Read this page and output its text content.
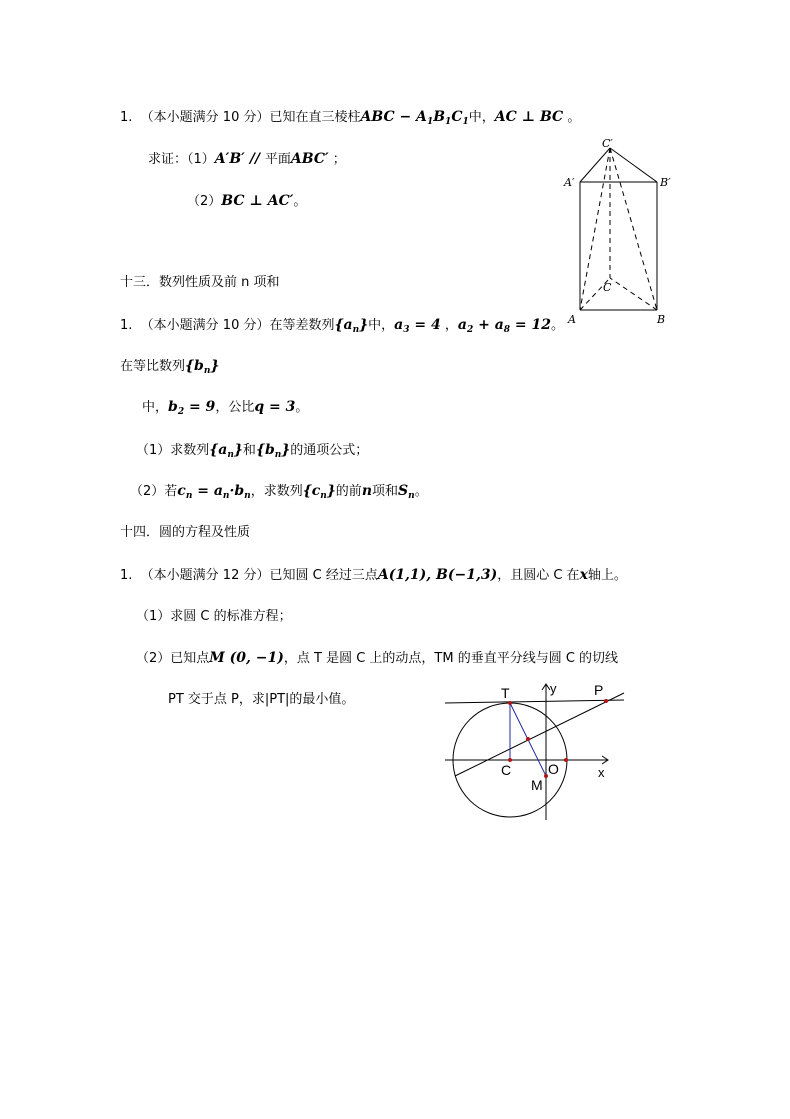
1. （本小题满分 10 分）已知在直三棱柱ABC − $A_1B_1C_1$中，AC ⊥ BC 。
求证：（1）A′B′ // 平面ABC′ ；
（2）BC ⊥ AC′。
C′
A′	B′
A	B
C
十三．数列性质及前 n 项和
1. （本小题满分 10 分）在等差数列$\{a_n\}$中，$a_3 = 4$ ，$a_2 + a_8 = 12$。
在等比数列$\{b_n\}$
中，$b_2 = 9$，公比q = 3。
（1）求数列$\{a_n\}$和$\{b_n\}$的通项公式；
（2）若$c_n = a_n\cdot b_n$，求数列$\{c_n\}$的前n项和$S_n$。
十四．圆的方程及性质
1. （本小题满分 12 分）已知圆 C 经过三点A(1,1), B(−1,3)，且圆心 C 在x轴上。
（1）求圆 C 的标准方程；
（2）已知点M (0, −1)，点 T 是圆 C 上的动点，TM 的垂直平分线与圆 C 的切线
PT 交于点 P，求|PT|的最小值。	T	y	P
C	O	x
M
